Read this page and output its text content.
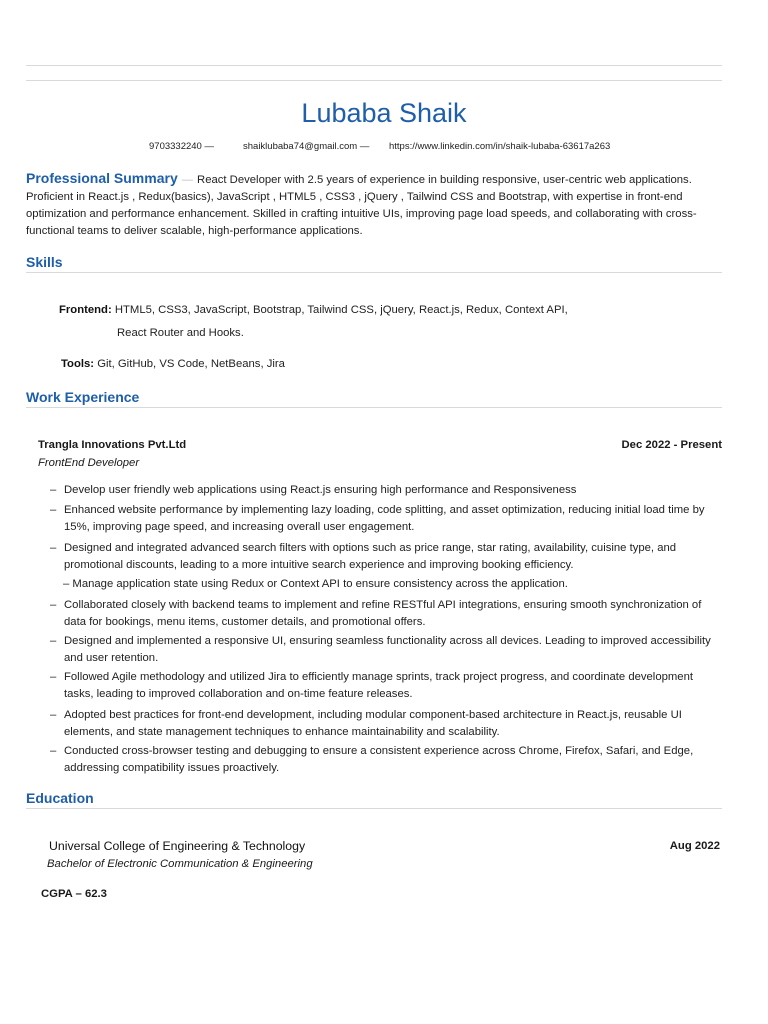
Lubaba Shaik
9703332240 —	shaiklubaba74@gmail.com — https://www.linkedin.com/in/shaik-lubaba-63617a263
Professional Summary — React Developer with 2.5 years of experience in building responsive, user-centric web applications. Proficient in React.js , Redux(basics), JavaScript , HTML5 , CSS3 , jQuery , Tailwind CSS and Bootstrap, with expertise in front-end optimization and performance enhancement. Skilled in crafting intuitive UIs, improving page load speeds, and collaborating with cross-functional teams to deliver scalable, high-performance applications.
Skills
Frontend: HTML5, CSS3, JavaScript, Bootstrap, Tailwind CSS, jQuery, React.js, Redux, Context API,
React Router and Hooks.
Tools: Git, GitHub, VS Code, NetBeans, Jira
Work Experience
Trangla Innovations Pvt.Ltd	Dec 2022 - Present
FrontEnd Developer
– Develop user friendly web applications using React.js ensuring high performance and Responsiveness
– Enhanced website performance by implementing lazy loading, code splitting, and asset optimization, reducing initial load time by 15%, improving page speed, and increasing overall user engagement.
– Designed and integrated advanced search filters with options such as price range, star rating, availability, cuisine type, and promotional discounts, leading to a more intuitive search experience and improving booking efficiency.
– Manage application state using Redux or Context API to ensure consistency across the application.
– Collaborated closely with backend teams to implement and refine RESTful API integrations, ensuring smooth synchronization of data for bookings, menu items, customer details, and promotional offers.
– Designed and implemented a responsive UI, ensuring seamless functionality across all devices. Leading to improved accessibility and user retention.
– Followed Agile methodology and utilized Jira to efficiently manage sprints, track project progress, and coordinate development tasks, leading to improved collaboration and on-time feature releases.
– Adopted best practices for front-end development, including modular component-based architecture in React.js, reusable UI elements, and state management techniques to enhance maintainability and scalability.
– Conducted cross-browser testing and debugging to ensure a consistent experience across Chrome, Firefox, Safari, and Edge, addressing compatibility issues proactively.
Education
Universal College of Engineering & Technology	Aug 2022
Bachelor of Electronic Communication & Engineering
CGPA – 62.3
